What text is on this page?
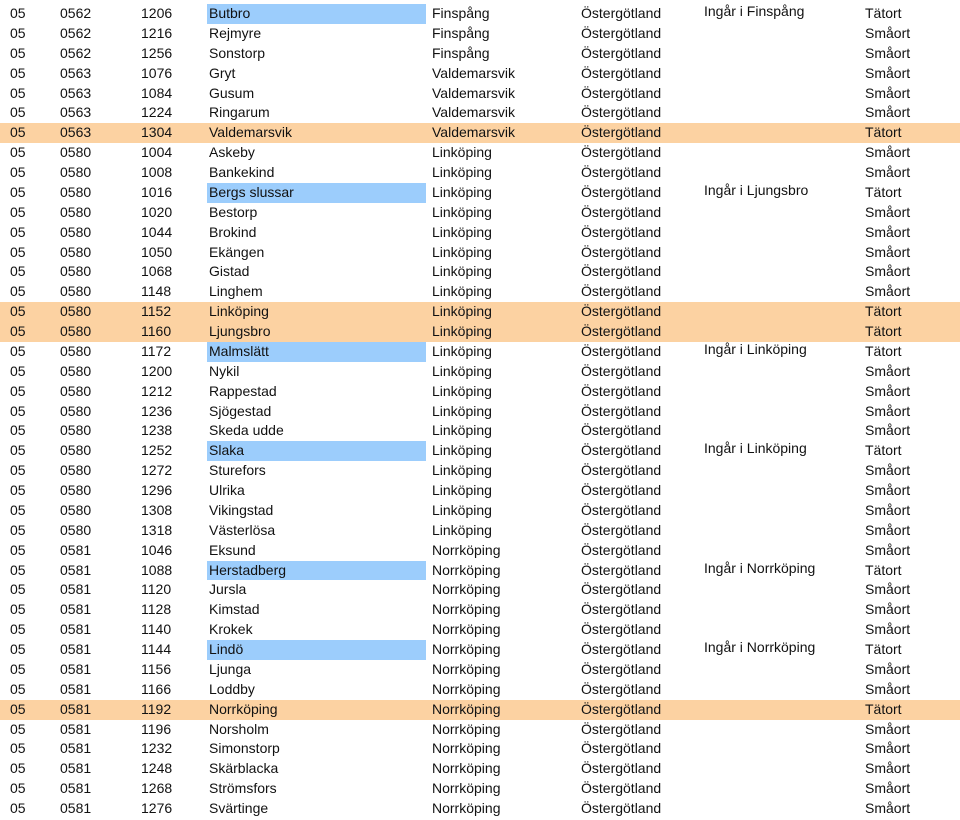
05 0562	1206	Butbro	Finspång	Östergötland	Ingår i Finspång	Tätort
05 0562	1216	Rejmyre	Finspång	Östergötland	Småort
05 0562	1256	Sonstorp	Finspång	Östergötland	Småort
05 0563	1076	Gryt	Valdemarsvik	Östergötland	Småort
05 0563	1084	Gusum	Valdemarsvik	Östergötland	Småort
05 0563	1224	Ringarum	Valdemarsvik	Östergötland	Småort
05 0563	1304	Valdemarsvik	Valdemarsvik	Östergötland	Tätort
05 0580	1004	Askeby	Linköping	Östergötland	Småort
05 0580	1008	Bankekind	Linköping	Östergötland	Småort
05 0580	1016	Bergs slussar	Linköping	Östergötland	Ingår i Ljungsbro	Tätort
05 0580	1020	Bestorp	Linköping	Östergötland	Småort
05 0580	1044	Brokind	Linköping	Östergötland	Småort
05 0580	1050	Ekängen	Linköping	Östergötland	Småort
05 0580	1068	Gistad	Linköping	Östergötland	Småort
05 0580	1148	Linghem	Linköping	Östergötland	Småort
05 0580	1152	Linköping	Linköping	Östergötland	Tätort
05 0580	1160	Ljungsbro	Linköping	Östergötland	Tätort
05 0580	1172	Malmslätt	Linköping	Östergötland	Ingår i Linköping	Tätort
05 0580	1200	Nykil	Linköping	Östergötland	Småort
05 0580	1212	Rappestad	Linköping	Östergötland	Småort
05 0580	1236	Sjögestad	Linköping	Östergötland	Småort
05 0580	1238	Skeda udde	Linköping	Östergötland	Småort
05 0580	1252	Slaka	Linköping	Östergötland	Ingår i Linköping	Tätort
05 0580	1272	Sturefors	Linköping	Östergötland	Småort
05 0580	1296	Ulrika	Linköping	Östergötland	Småort
05 0580	1308	Vikingstad	Linköping	Östergötland	Småort
05 0580	1318	Västerlösa	Linköping	Östergötland	Småort
05 0581	1046	Eksund	Norrköping	Östergötland	Småort
05 0581	1088	Herstadberg	Norrköping	Östergötland	Ingår i Norrköping	Tätort
05 0581	1120	Jursla	Norrköping	Östergötland	Småort
05 0581	1128	Kimstad	Norrköping	Östergötland	Småort
05 0581	1140	Krokek	Norrköping	Östergötland	Småort
05 0581	1144	Lindö	Norrköping	Östergötland	Ingår i Norrköping	Tätort
05 0581	1156	Ljunga	Norrköping	Östergötland	Småort
05 0581	1166	Loddby	Norrköping	Östergötland	Småort
05 0581	1192	Norrköping	Norrköping	Östergötland	Tätort
05 0581	1196	Norsholm	Norrköping	Östergötland	Småort
05 0581	1232	Simonstorp	Norrköping	Östergötland	Småort
05 0581	1248	Skärblacka	Norrköping	Östergötland	Småort
05 0581	1268	Strömsfors	Norrköping	Östergötland	Småort
05 0581	1276	Svärtinge	Norrköping	Östergötland	Småort
